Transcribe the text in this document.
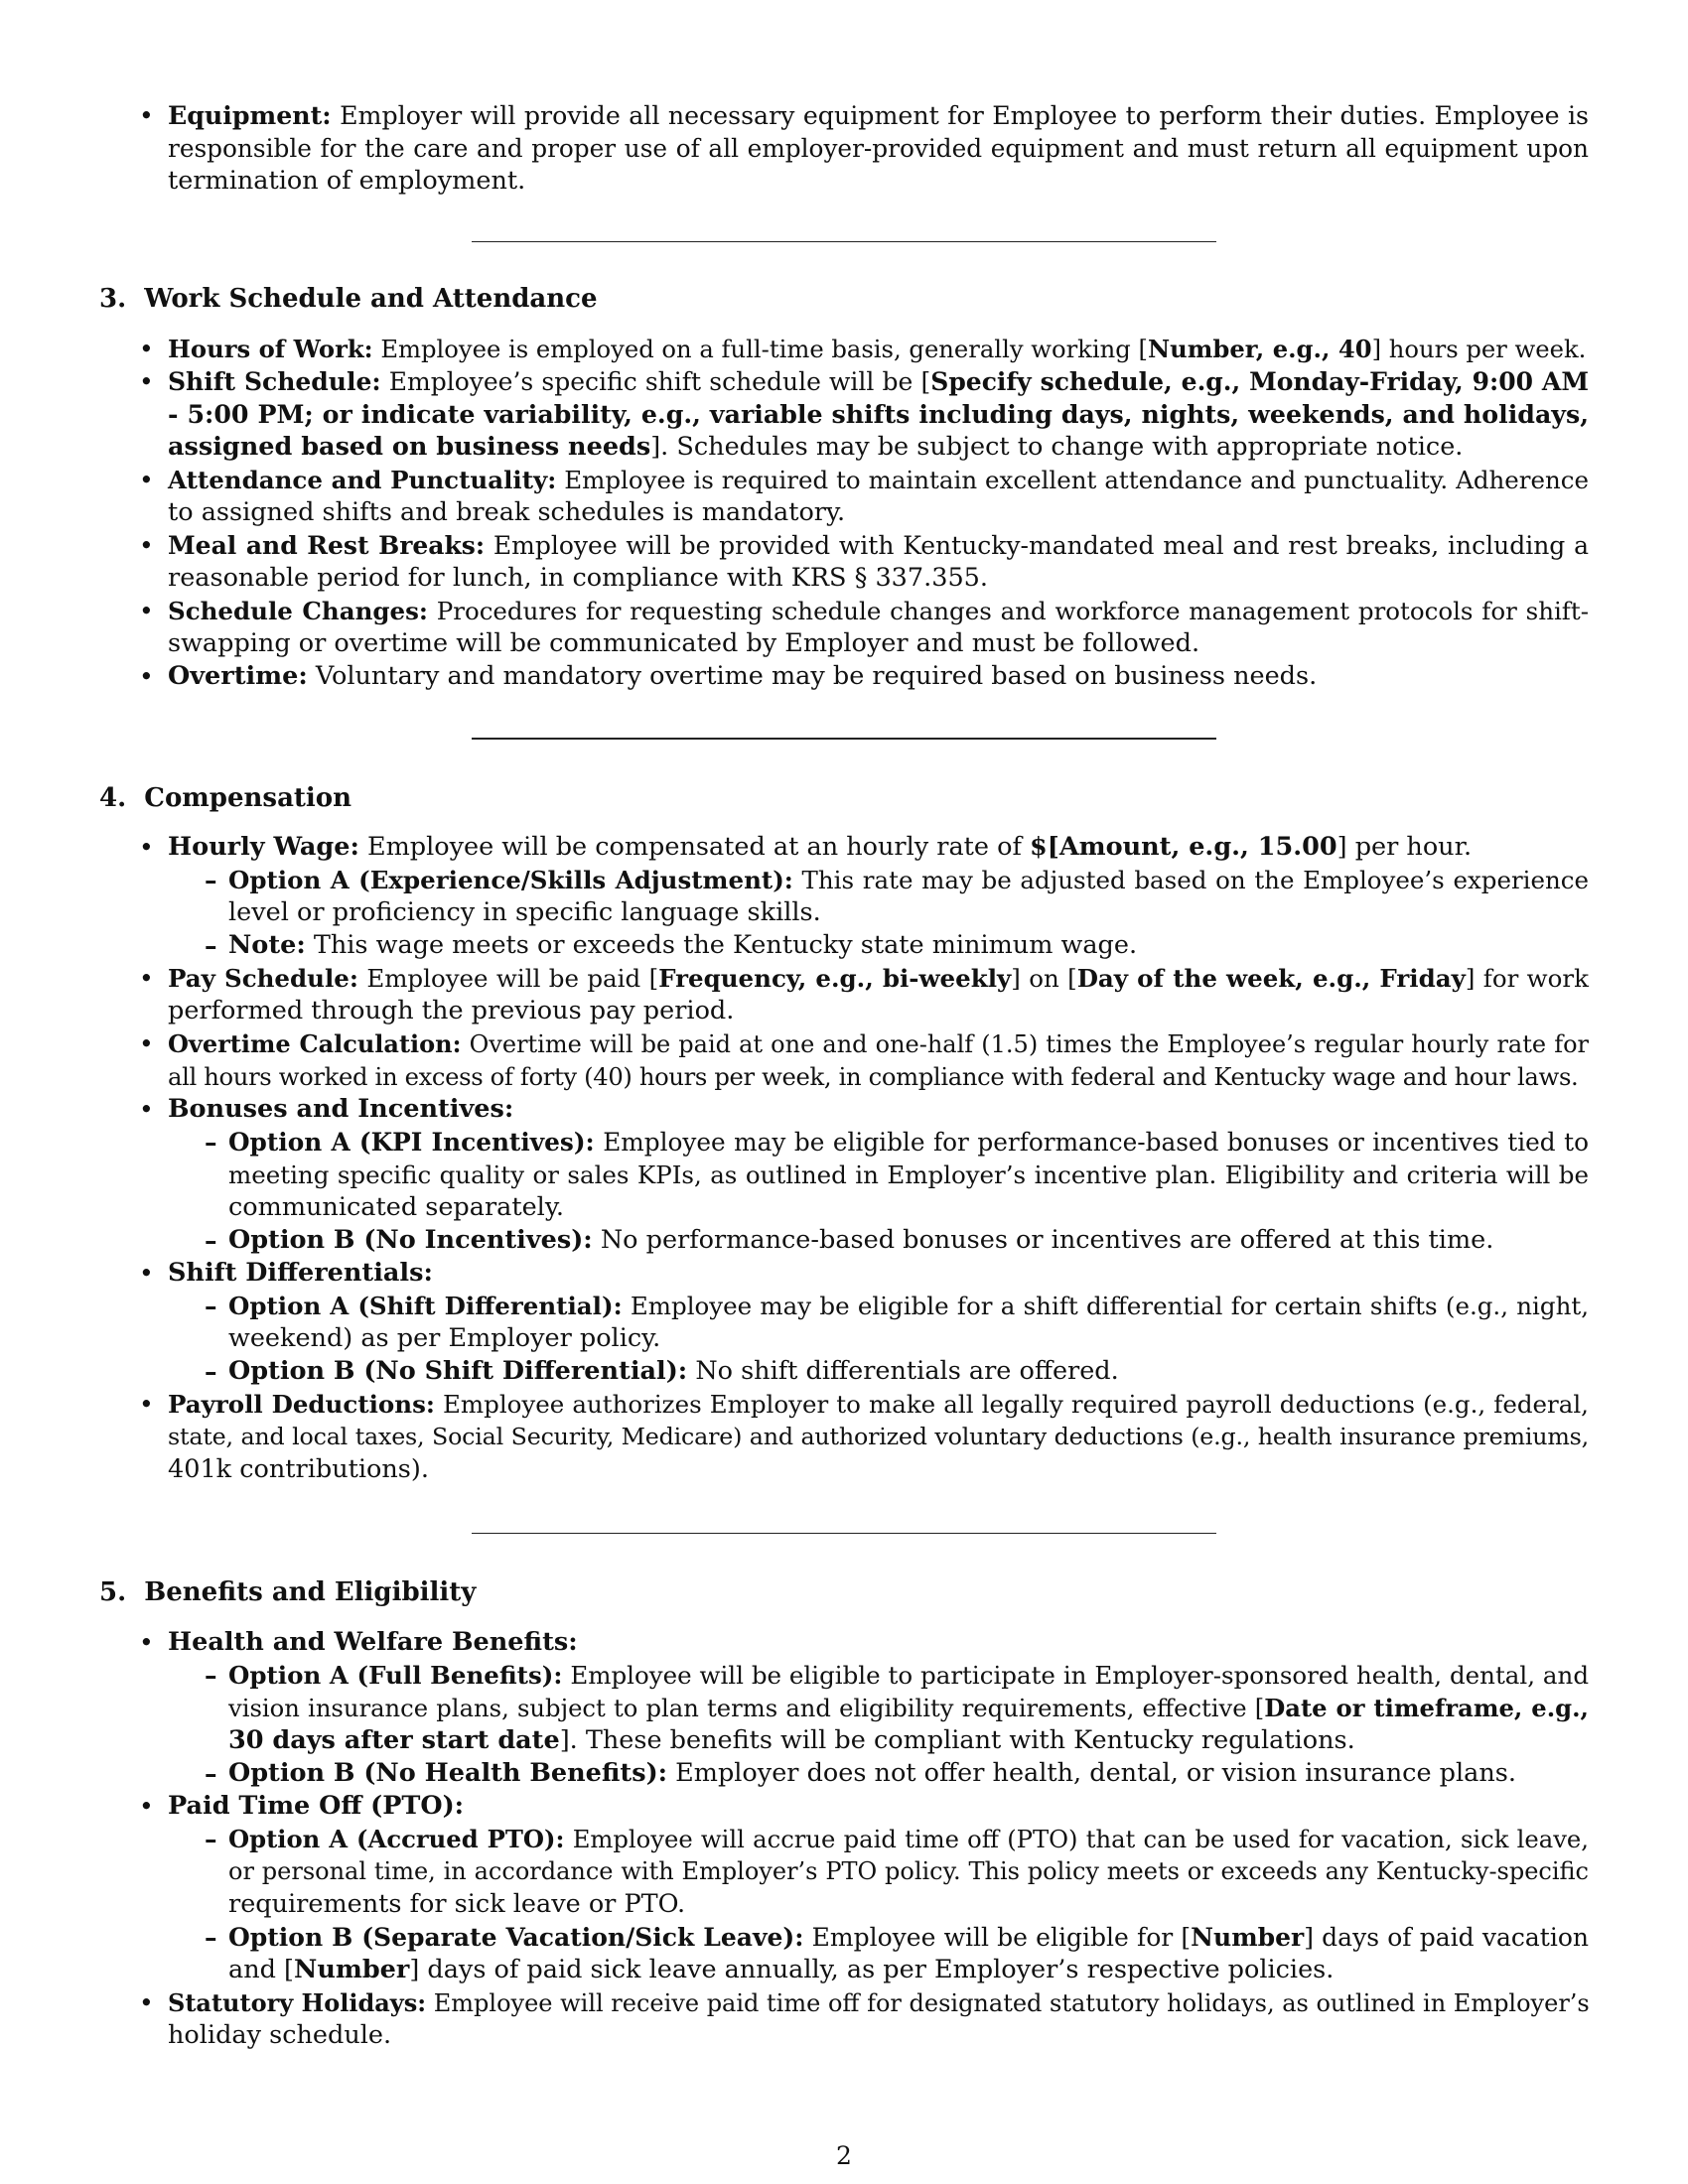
• Equipment: Employer will provide all necessary equipment for Employee to perform their duties. Employee is
responsible for the care and proper use of all employer-provided equipment and must return all equipment upon
termination of employment.
3. Work Schedule and Attendance
• Hours of Work: Employee is employed on a full-time basis, generally working [Number, e.g., 40] hours per week.
• Shift Schedule: Employee’s specific shift schedule will be [Specify schedule, e.g., Monday-Friday, 9:00 AM
- 5:00 PM; or indicate variability, e.g., variable shifts including days, nights, weekends, and holidays,
assigned based on business needs]. Schedules may be subject to change with appropriate notice.
• Attendance and Punctuality: Employee is required to maintain excellent attendance and punctuality. Adherence
to assigned shifts and break schedules is mandatory.
• Meal and Rest Breaks: Employee will be provided with Kentucky-mandated meal and rest breaks, including a
reasonable period for lunch, in compliance with KRS § 337.355.
• Schedule Changes: Procedures for requesting schedule changes and workforce management protocols for shift-
swapping or overtime will be communicated by Employer and must be followed.
• Overtime: Voluntary and mandatory overtime may be required based on business needs.
4. Compensation
• Hourly Wage: Employee will be compensated at an hourly rate of $[Amount, e.g., 15.00] per hour.
– Option A (Experience/Skills Adjustment): This rate may be adjusted based on the Employee’s experience
level or proficiency in specific language skills.
– Note: This wage meets or exceeds the Kentucky state minimum wage.
• Pay Schedule: Employee will be paid [Frequency, e.g., bi-weekly] on [Day of the week, e.g., Friday] for work
performed through the previous pay period.
• Overtime Calculation: Overtime will be paid at one and one-half (1.5) times the Employee’s regular hourly rate for
all hours worked in excess of forty (40) hours per week, in compliance with federal and Kentucky wage and hour laws.
• Bonuses and Incentives:
– Option A (KPI Incentives): Employee may be eligible for performance-based bonuses or incentives tied to
meeting specific quality or sales KPIs, as outlined in Employer’s incentive plan. Eligibility and criteria will be
communicated separately.
– Option B (No Incentives): No performance-based bonuses or incentives are offered at this time.
• Shift Differentials:
– Option A (Shift Differential): Employee may be eligible for a shift differential for certain shifts (e.g., night,
weekend) as per Employer policy.
– Option B (No Shift Differential): No shift differentials are offered.
• Payroll Deductions: Employee authorizes Employer to make all legally required payroll deductions (e.g., federal,
state, and local taxes, Social Security, Medicare) and authorized voluntary deductions (e.g., health insurance premiums,
401k contributions).
5. Benefits and Eligibility
• Health and Welfare Benefits:
– Option A (Full Benefits): Employee will be eligible to participate in Employer-sponsored health, dental, and
vision insurance plans, subject to plan terms and eligibility requirements, effective [Date or timeframe, e.g.,
30 days after start date]. These benefits will be compliant with Kentucky regulations.
– Option B (No Health Benefits): Employer does not offer health, dental, or vision insurance plans.
• Paid Time Off (PTO):
– Option A (Accrued PTO): Employee will accrue paid time off (PTO) that can be used for vacation, sick leave,
or personal time, in accordance with Employer’s PTO policy. This policy meets or exceeds any Kentucky-specific
requirements for sick leave or PTO.
– Option B (Separate Vacation/Sick Leave): Employee will be eligible for [Number] days of paid vacation
and [Number] days of paid sick leave annually, as per Employer’s respective policies.
• Statutory Holidays: Employee will receive paid time off for designated statutory holidays, as outlined in Employer’s
holiday schedule.
2
